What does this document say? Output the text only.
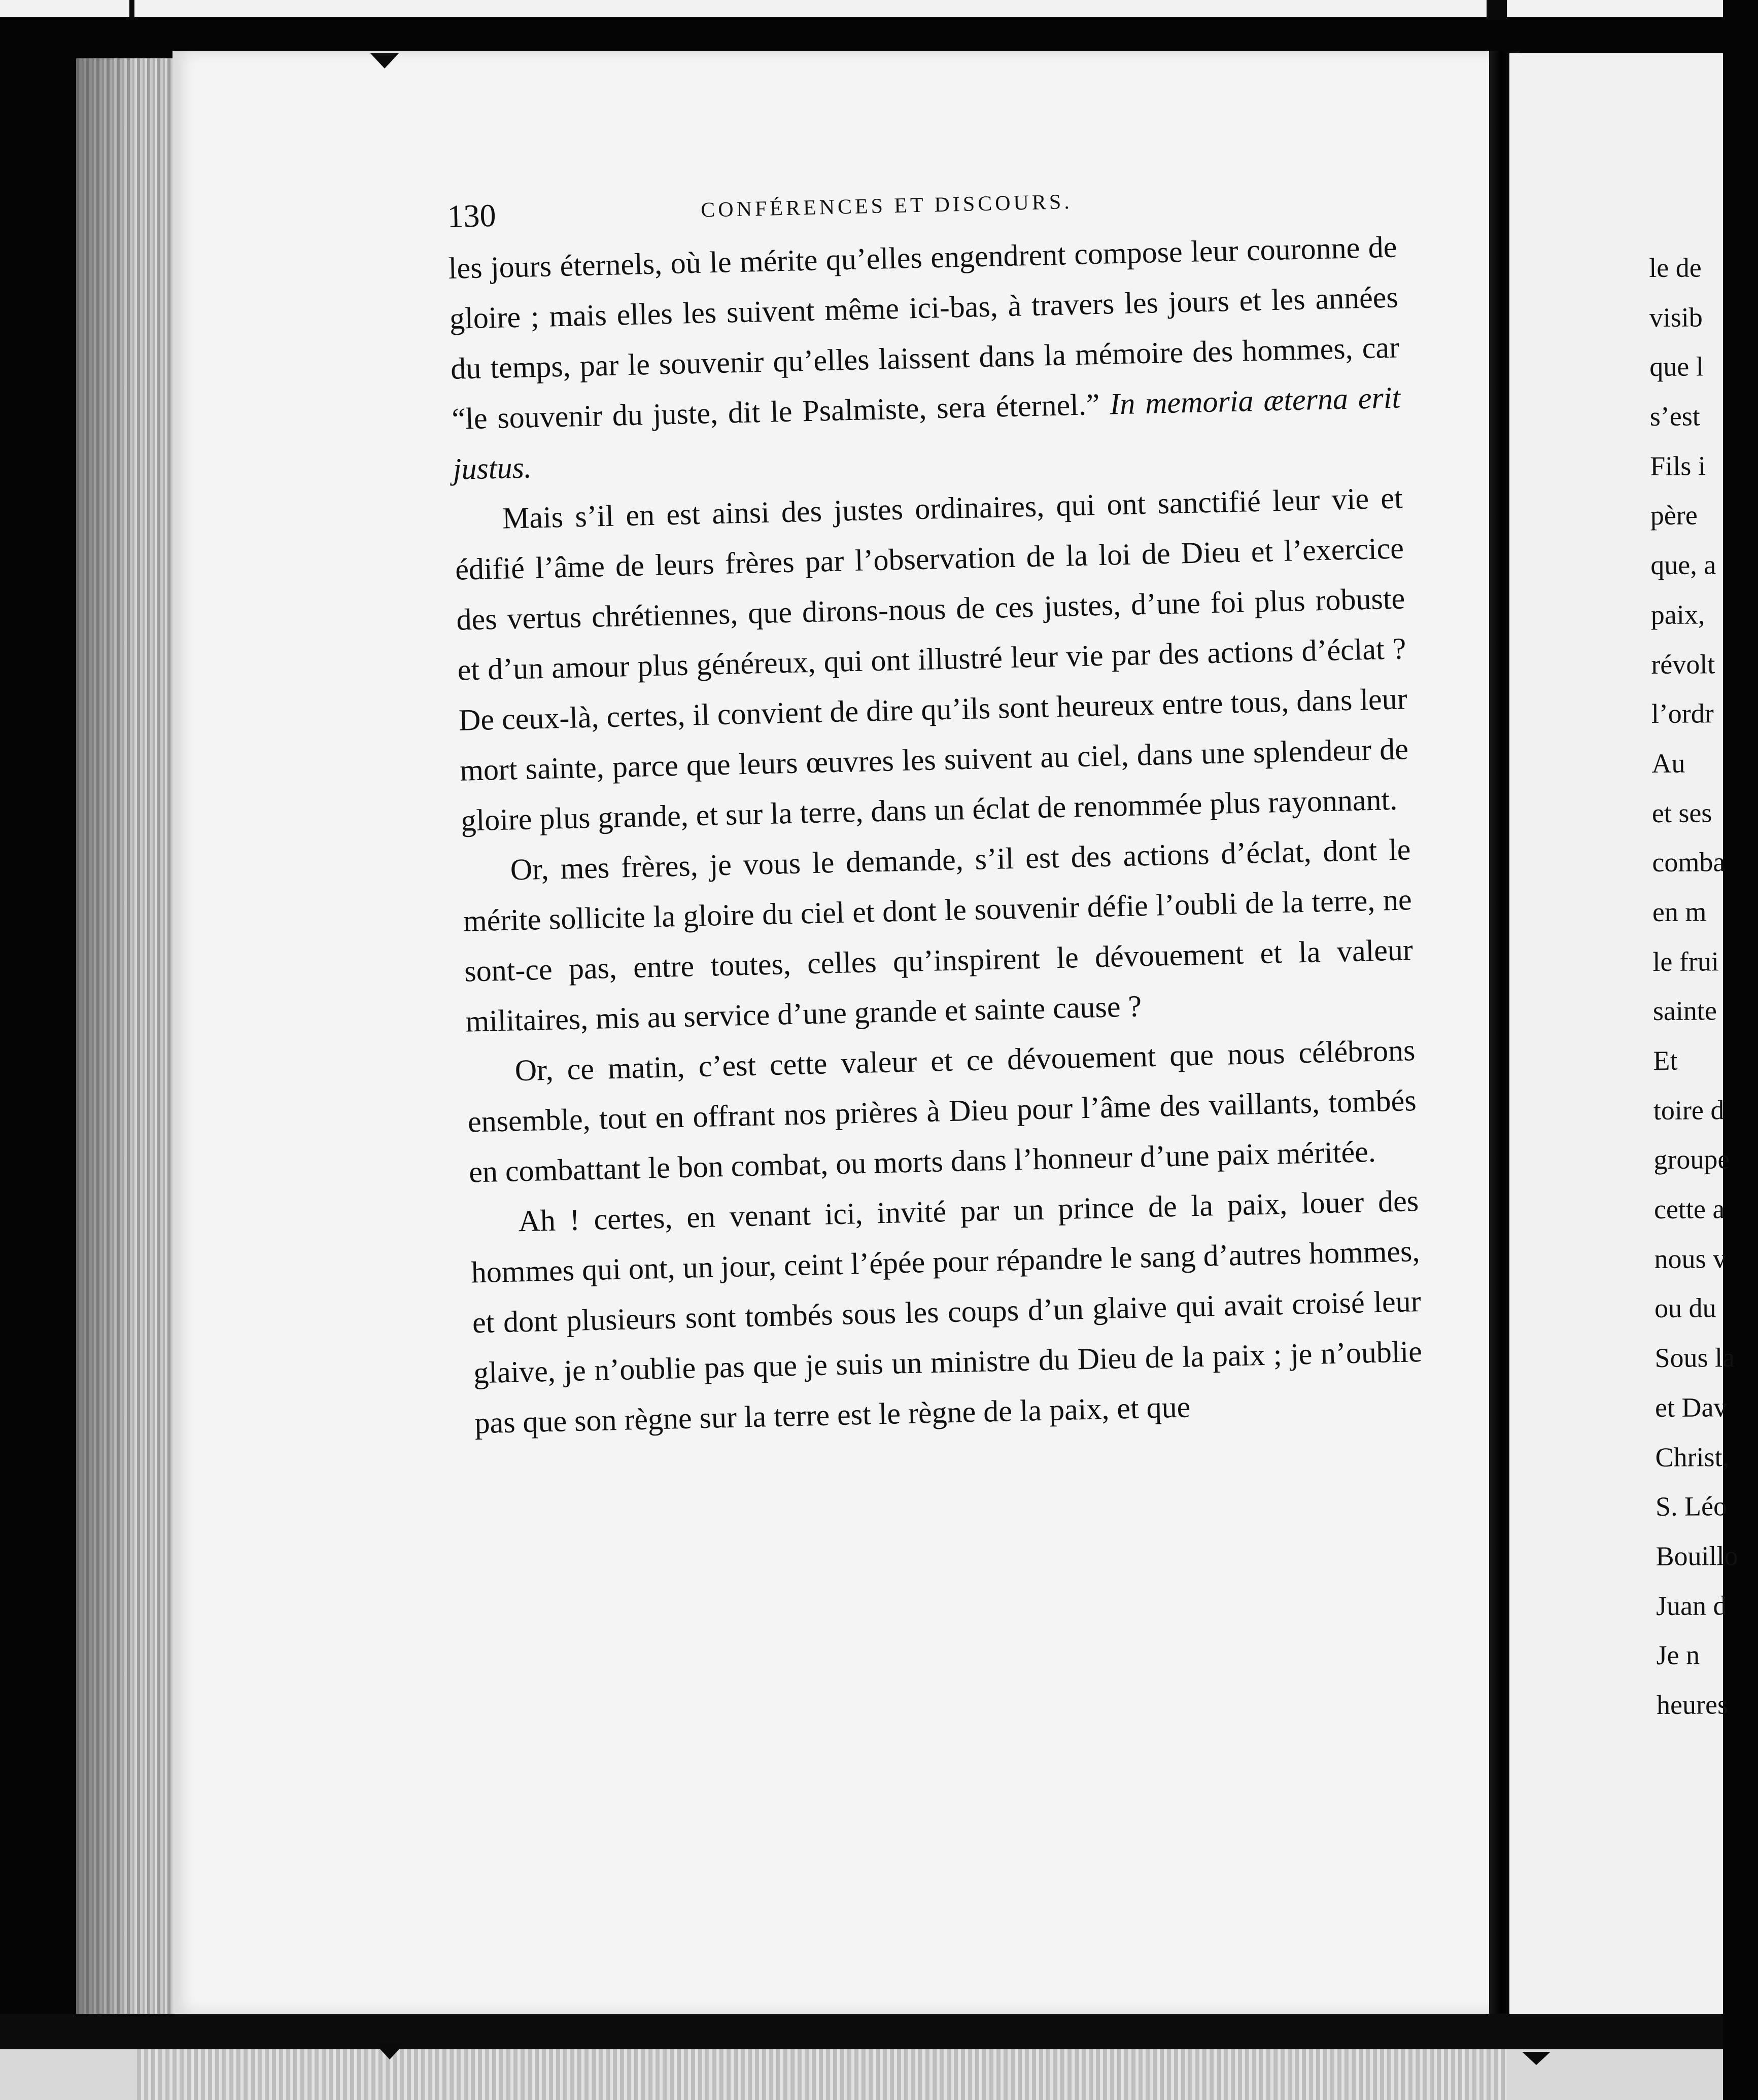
130	CONFÉRENCES ET DISCOURS.

les jours éternels, où le mérite qu’elles engendrent compose leur couronne de gloire ; mais elles les suivent même ici-bas, à travers les jours et les années du temps, par le souvenir qu’elles laissent dans la mémoire des hommes, car “le souvenir du juste, dit le Psalmiste, sera éternel.” In memoria æterna erit justus.

Mais s’il en est ainsi des justes ordinaires, qui ont sanctifié leur vie et édifié l’âme de leurs frères par l’observation de la loi de Dieu et l’exercice des vertus chrétiennes, que dirons-nous de ces justes, d’une foi plus robuste et d’un amour plus généreux, qui ont illustré leur vie par des actions d’éclat ? De ceux-là, certes, il convient de dire qu’ils sont heureux entre tous, dans leur mort sainte, parce que leurs œuvres les suivent au ciel, dans une splendeur de gloire plus grande, et sur la terre, dans un éclat de renommée plus rayonnant.

Or, mes frères, je vous le demande, s’il est des actions d’éclat, dont le mérite sollicite la gloire du ciel et dont le souvenir défie l’oubli de la terre, ne sont-ce pas, entre toutes, celles qu’inspirent le dévouement et la valeur militaires, mis au service d’une grande et sainte cause ?

Or, ce matin, c’est cette valeur et ce dévouement que nous célébrons ensemble, tout en offrant nos prières à Dieu pour l’âme des vaillants, tombés en combattant le bon combat, ou morts dans l’honneur d’une paix méritée.

Ah ! certes, en venant ici, invité par un prince de la paix, louer des hommes qui ont, un jour, ceint l’épée pour répandre le sang d’autres hommes, et dont plusieurs sont tombés sous les coups d’un glaive qui avait croisé leur glaive, je n’oublie pas que je suis un ministre du Dieu de la paix ; je n’oublie pas que son règne sur la terre est le règne de la paix, et que

le de
visib
que l
s’est
Fils i
père
que, a
paix,
révolt
l’ordr
Au
et ses
comba
en m
le frui
sainte
Et
toire d
groupe
cette a
nous v
ou du
Sous la
et Dav
Christ,
S. Léo
Bouillo
Juan d
Je n
heures
